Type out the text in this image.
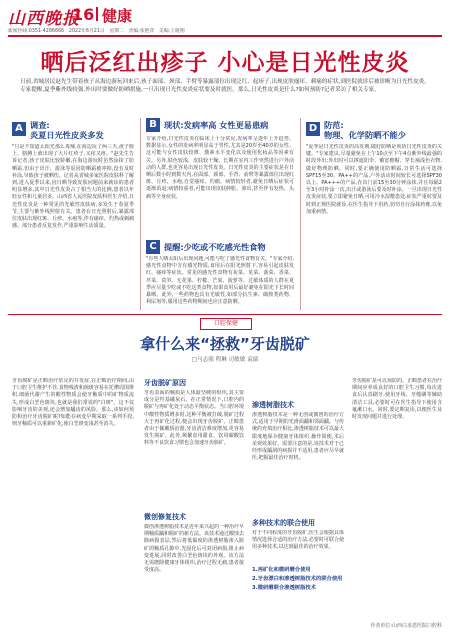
山西晚报
16 健康
新闻热线:0351-4286666　2022年6月21日　星期二　责编:张艳萍　美编:王晓翔
晒后泛红出疹子 小心是日光性皮炎
日前,省城居民赵先生带着孩子从海边游玩回来后,孩子面部、颈部、手臂等暴露部位出现泛红、起疹子,出现皮肤瘙痒、刺痛的症状,到医院就诊后被诊断为日光性皮炎。专家提醒,夏季紫外线较强,外出时要做好防晒措施,一旦出现日光性皮炎症状要及时就医。那么,日光性皮炎是什么?如何预防?记者采访了相关专家。
A 调查:
炎夏日光性皮炎多发
"只是不知道太阳光那么毒辣,在海边玩了两三天,孩子脸上、胳膊上就出现了大片红疹子,又痒又疼。"赵先生告诉记者,孩子皮肤比较娇嫩,在海边游玩时虽然涂抹了防晒霜,但由于出汗、游泳等原因防晒霜被冲掉,没有及时补涂,导致孩子被晒伤。记者从省城多家医院皮肤科了解到,进入夏季以来,因日晒导致皮肤问题前来就诊的患者明显增多,其中日光性皮炎占了相当大的比例,患者以年轻女性和儿童居多。山西省人民医院皮肤科医生介绍,日光性皮炎是一种常见的光敏性皮肤病,多发生于春夏季节,主要与紫外线照射有关。患者在日光照射后,暴露部位皮肤出现红斑、丘疹、水疱等,伴有瘙痒、灼热或刺痛感。部分患者反复发作,严重影响生活质量。
B 现状:发病率高 女性更易患病
专家介绍,日光性皮炎在临床上十分常见,发病率呈逐年上升趋势。数据显示,女性的发病率明显高于男性,尤其是20岁至40岁的女性。这可能与女性皮肤较薄、激素水平变化以及使用化妆品等因素有关。另外,肤色较浅、皮肤较干燥、长期在室内工作突然进行户外活动的人群,也更容易出现日光性皮炎。日光性皮炎的主要症状是在日晒后数小时到数天内,在面部、颈部、手背、前臂等暴露部位出现红斑、丘疹、水疱,自觉瘙痒、灼痛。病情较轻者,避免日晒后症状可逐渐消退;病情较重者,可能出现皮肤肿胀、渗出,甚至伴有发热、头痛等全身症状。
C 提醒:少吃或不吃感光性食物
"有些人晒太阳后出现问题,可能与吃了感光性食物有关。"专家介绍,感光性食物中含有感光物质,食用后在阳光照射下,容易引起皮肤发红、瘙痒等症状。常见的感光性食物有灰菜、苋菜、菠菜、香菜、芹菜、莴笋、无花果、柠檬、芒果、菠萝等。过敏体质的人群在夏季应尽量少吃或不吃这类食物,如果食用后最好避免在阳光下长时间暴晒。此外,一些药物也具有光敏性,如部分抗生素、磺胺类药物、利尿剂等,服用这些药物期间也应注意防晒。
D 防范:
物理、化学防晒不能少
"夏季是日光性皮炎的高发期,做好防晒是预防日光性皮炎的关键。"专家建议,尽量避免在上午10点至下午4点紫外线最强的时段外出;外出时可以撑遮阳伞、戴宽檐帽、穿长袖浅色衣物,做好物理防晒。同时,要正确使用防晒霜,日常生活可选择SPF15至30、PA++的产品,户外活动时间较长可选择SPF30以上、PA+++的产品,在出门前15至30分钟涂抹,并且每隔2至3小时补涂一次,出汗或游泳后要及时补涂。一旦出现日光性皮炎症状,要立即避免日晒,可用冷水湿敷患处,症状严重时要及时到正规医院就诊,在医生指导下用药,切勿自行涂抹药膏,以免加重病情。
口腔保健
拿什么来“拯救”牙齿脱矿
□马志强 程琳 司敏敏 袁瑞
牙齿脱矿是正畸治疗常见的并发症,在正畸治疗期间,由于口腔卫生维护不佳,食物残渣和菌斑容易在托槽周围堆积,细菌代谢产生的酸性物质会使牙釉质中的矿物质流失,形成白垩色斑块,也就是我们常说的"白斑"。这不仅影响牙齿的美观,还会增加龋齿的风险。那么,该如何预防和治疗牙齿脱矿呢?如能在病变早期采取一系列手段,则牙釉质可以重新矿化,使白垩斑变浅甚至消失。
牙齿脱矿原因
牙齿表面的釉质是人体最坚硬的组织,其主要成分是羟基磷灰石。在正常情况下,口腔内的脱矿与再矿化处于动态平衡状态。当口腔环境中酸性物质增多时,这种平衡被打破,脱矿过程大于再矿化过程,便会出现牙齿脱矿。正畸患者由于佩戴矫治器,牙齿清洁难度增加,更容易发生脱矿。此外,频繁食用甜食、饮用碳酸饮料等不良饮食习惯也会加速牙齿脱矿。
微创修复技术
微创渗透树脂技术是近年来兴起的一种治疗早期釉质龋和脱矿的新方法。该技术通过酸蚀去除病损表层,然后将低黏度的渗透树脂渗入脱矿的釉质孔隙中,光固化后可封闭病损,阻止病变进展,同时改善白垩色斑块的外观。该方法无需磨除健康牙体组织,治疗过程无痛,患者接受度高。
渗透树脂技术
渗透树脂技术是一种无创或微创的治疗方式,适用于早期的光滑面龋和邻面龋。与传统的充填治疗相比,渗透树脂技术可以最大限度地保存健康牙体组织,操作简便,术后美观效果好。需要注意的是,该技术对于已经形成龋洞的病损并不适用,患者应尽早就医,把握最佳治疗时机。
多种技术的联合使用
对于不同程度的牙齿脱矿,医生会根据具体情况选择合适的治疗方法,必要时可联合使用多种技术,以达到最佳的治疗效果。
1.再矿化和微研磨合使用
2.牙齿漂白和渗透树脂技术的联合使用
3.微研磨联合渗透树脂技术
牙齿脱矿是可以预防的。正畸患者在治疗期间应养成良好的口腔卫生习惯,每次进食后认真刷牙,使用牙线、牙缝刷等辅助清洁工具,必要时可在医生指导下使用含氟漱口水。同时,要定期复诊,以便医生及时发现问题并进行处理。
作者单位:山西白求恩医院口腔科
